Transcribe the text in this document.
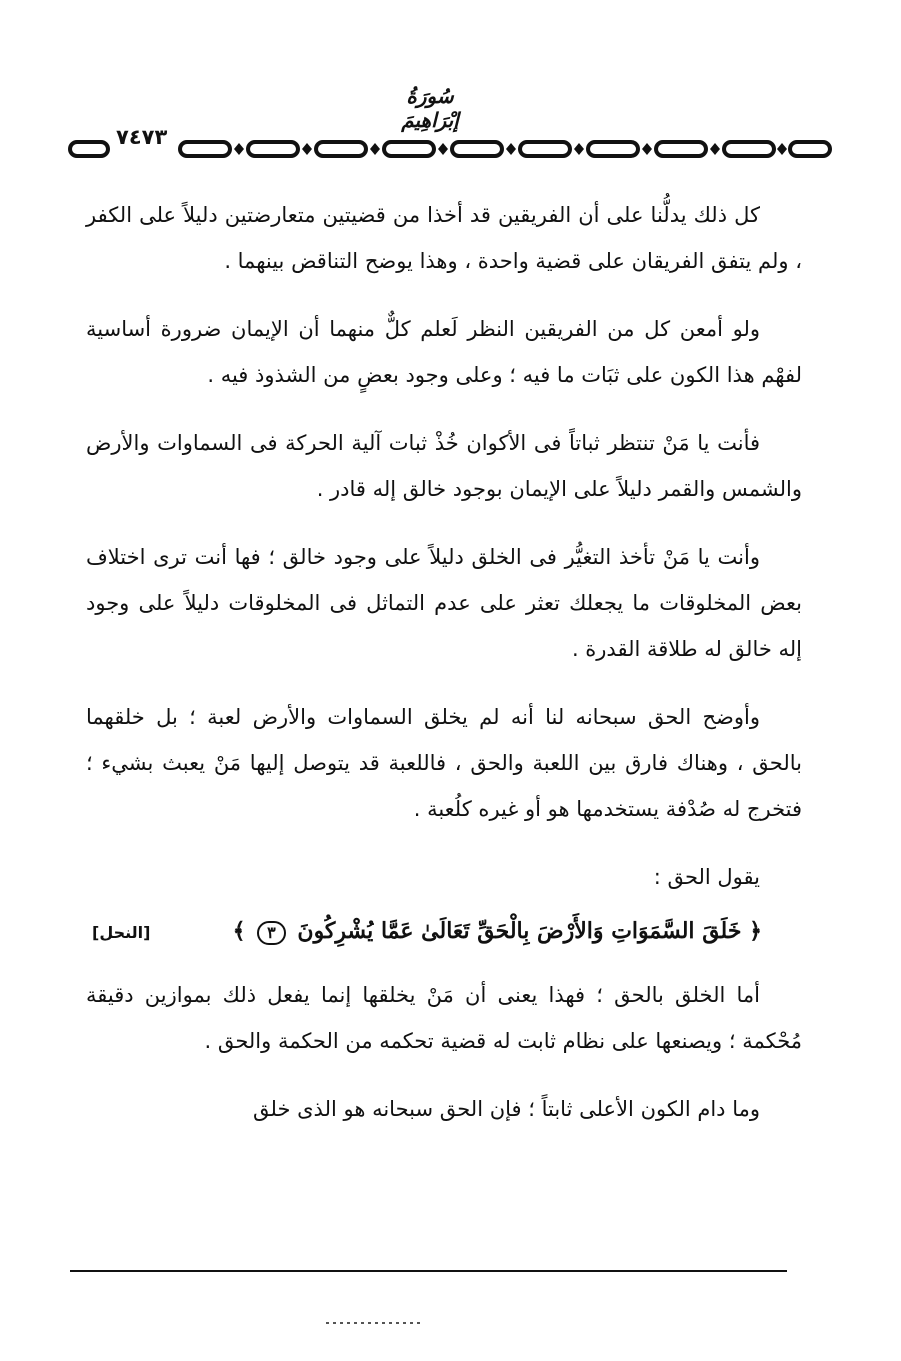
سُورَةُ إبْرَاهِيمَ
٧٤٧٣

كل ذلك يدلُّنا على أن الفريقين قد أخذا من قضيتين متعارضتين دليلاً على الكفر ، ولم يتفق الفريقان على قضية واحدة ، وهذا يوضح التناقض بينهما .

ولو أمعن كل من الفريقين النظر لَعلم كلٌّ منهما أن الإيمان ضرورة أساسية لفهْم هذا الكون على ثبَات ما فيه ؛ وعلى وجود بعضٍ من الشذوذ فيه .

فأنت يا مَنْ تنتظر ثباتاً فى الأكوان خُذْ ثبات آلية الحركة فى السماوات والأرض والشمس والقمر دليلاً على الإيمان بوجود خالق إله قادر .

وأنت يا مَنْ تأخذ التغيُّر فى الخلق دليلاً على وجود خالق ؛ فها أنت ترى اختلاف بعض المخلوقات ما يجعلك تعثر على عدم التماثل فى المخلوقات دليلاً على وجود إله خالق له طلاقة القدرة .

وأوضح الحق سبحانه لنا أنه لم يخلق السماوات والأرض لعبة ؛ بل خلقهما بالحق ، وهناك فارق بين اللعبة والحق ، فاللعبة قد يتوصل إليها مَنْ يعبث بشيء ؛ فتخرج له صُدْفة يستخدمها هو أو غيره كلُعبة .

يقول الحق :

﴿ خَلَقَ السَّمَوَاتِ وَالأَرْضَ بِالْحَقِّ تَعَالَىٰ عَمَّا يُشْرِكُونَ ٣ ﴾
[النحل]

أما الخلق بالحق ؛ فهذا يعنى أن مَنْ يخلقها إنما يفعل ذلك بموازين دقيقة مُحْكمة ؛ ويصنعها على نظام ثابت له قضية تحكمه من الحكمة والحق .

وما دام الكون الأعلى ثابتاً ؛ فإن الحق سبحانه هو الذى خلق
